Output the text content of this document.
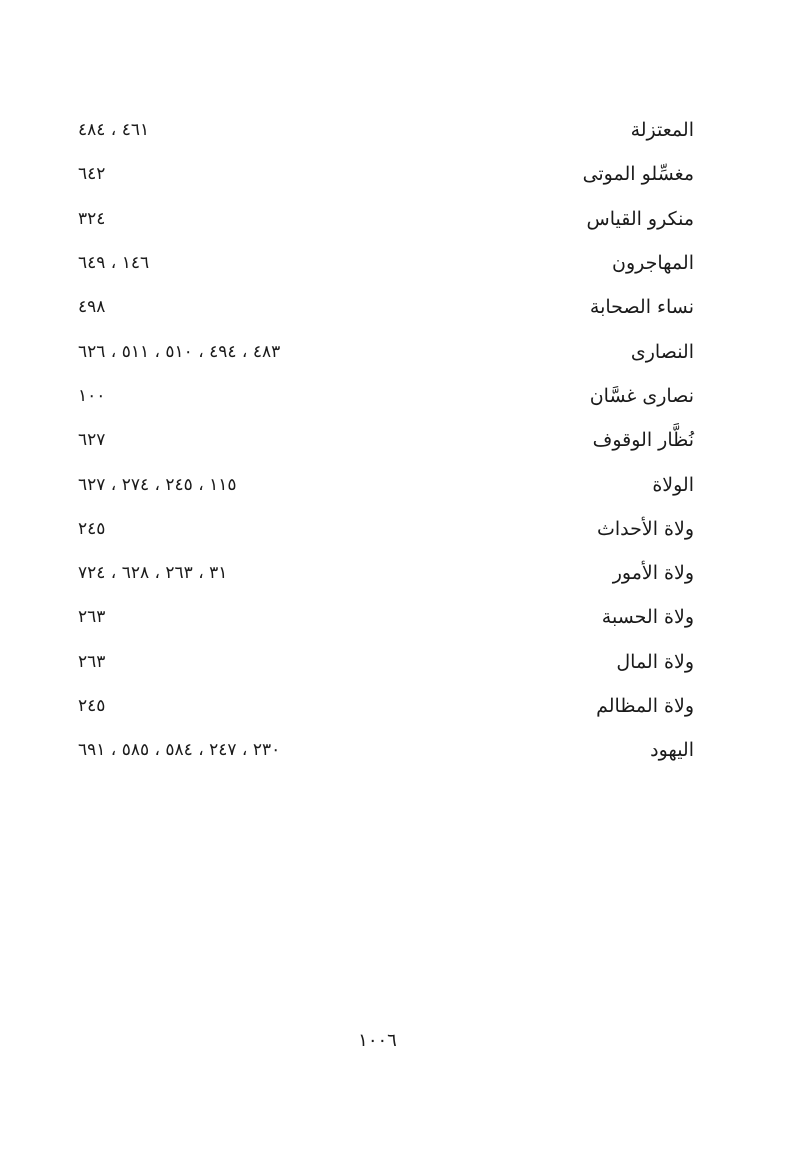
المعتزلة
٤٦١ ، ٤٨٤
مغسِّلو الموتى
٦٤٢
منكرو القياس
٣٢٤
المهاجرون
١٤٦ ، ٦٤٩
نساء الصحابة
٤٩٨
النصارى
٤٨٣ ، ٤٩٤ ، ٥١٠ ، ٥١١ ، ٦٢٦
نصارى غسَّان
١٠٠
نُظَّار الوقوف
٦٢٧
الولاة
١١٥ ، ٢٤٥ ، ٢٧٤ ، ٦٢٧
ولاة الأحداث
٢٤٥
ولاة الأمور
٣١ ، ٢٦٣ ، ٦٢٨ ، ٧٢٤
ولاة الحسبة
٢٦٣
ولاة المال
٢٦٣
ولاة المظالم
٢٤٥
اليهود
٢٣٠ ، ٢٤٧ ، ٥٨٤ ، ٥٨٥ ، ٦٩١
١٠٠٦
